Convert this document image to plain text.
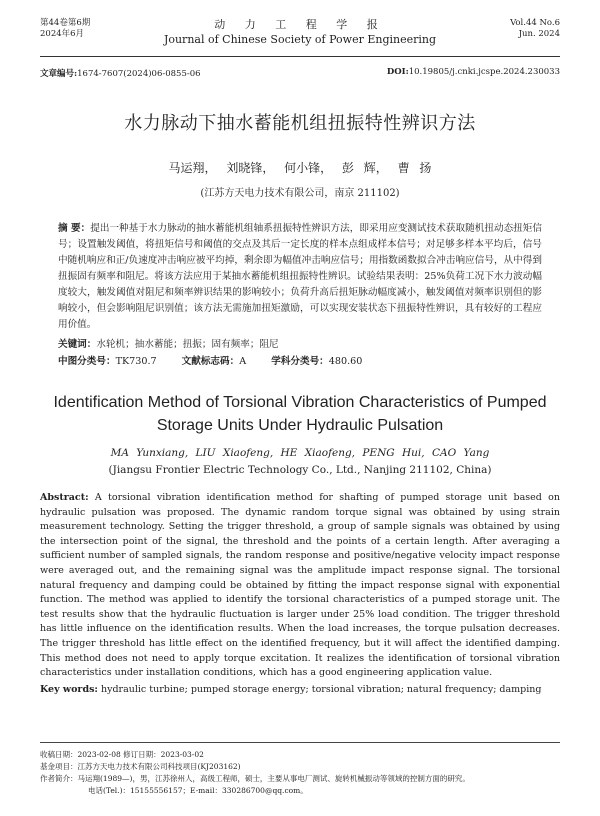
第44卷第6期
2024年6月
动 力 工 程 学 报
Journal of Chinese Society of Power Engineering
Vol.44 No.6
Jun. 2024
文章编号:1674-7607(2024)06-0855-06	DOI:10.19805/j.cnki.jcspe.2024.230033
水力脉动下抽水蓄能机组扭振特性辨识方法
马运翔， 刘晓锋， 何小锋， 彭 辉， 曹 扬
(江苏方天电力技术有限公司，南京 211102)
摘 要：提出一种基于水力脉动的抽水蓄能机组轴系扭振特性辨识方法，即采用应变测试技术获取随机扭动态扭矩信号；设置触发阈值，将扭矩信号和阈值的交点及其后一定长度的样本点组成样本信号；对足够多样本平均后，信号中随机响应和正/负速度冲击响应被平均掉，剩余即为幅值冲击响应信号；用指数函数拟合冲击响应信号，从中得到扭振固有频率和阻尼。将该方法应用于某抽水蓄能机组扭振特性辨识。试验结果表明：25%负荷工况下水力波动幅度较大，触发阈值对阻尼和频率辨识结果的影响较小；负荷升高后扭矩脉动幅度减小，触发阈值对频率识别但的影响较小，但会影响阻尼识别值；该方法无需施加扭矩激励，可以实现安装状态下扭振特性辨识，具有较好的工程应用价值。
关键词：水轮机；抽水蓄能；扭振；固有频率；阻尼
中图分类号：TK730.7	文献标志码：A	学科分类号：480.60
Identification Method of Torsional Vibration Characteristics of Pumped
Storage Units Under Hydraulic Pulsation
MA Yunxiang, LIU Xiaofeng, HE Xiaofeng, PENG Hui, CAO Yang
(Jiangsu Frontier Electric Technology Co., Ltd., Nanjing 211102, China)
Abstract: A torsional vibration identification method for shafting of pumped storage unit based on hydraulic pulsation was proposed. The dynamic random torque signal was obtained by using strain measurement technology. Setting the trigger threshold, a group of sample signals was obtained by using the intersection point of the signal, the threshold and the points of a certain length. After averaging a sufficient number of sampled signals, the random response and positive/negative velocity impact response were averaged out, and the remaining signal was the amplitude impact response signal. The torsional natural frequency and damping could be obtained by fitting the impact response signal with exponential function. The method was applied to identify the torsional characteristics of a pumped storage unit. The test results show that the hydraulic fluctuation is larger under 25% load condition. The trigger threshold has little influence on the identification results. When the load increases, the torque pulsation decreases. The trigger threshold has little effect on the identified frequency, but it will affect the identified damping. This method does not need to apply torque excitation. It realizes the identification of torsional vibration characteristics under installation conditions, which has a good engineering application value.
Key words: hydraulic turbine; pumped storage energy; torsional vibration; natural frequency; damping
收稿日期：2023-02-08 修订日期：2023-03-02
基金项目：江苏方天电力技术有限公司科技项目(KJ203162)
作者简介：马运翔(1989—)，男，江苏徐州人，高级工程师，硕士，主要从事电厂测试、旋转机械振动等领域的控制方面的研究。
电话(Tel.)：15155556157；E-mail：330286700@qq.com。
